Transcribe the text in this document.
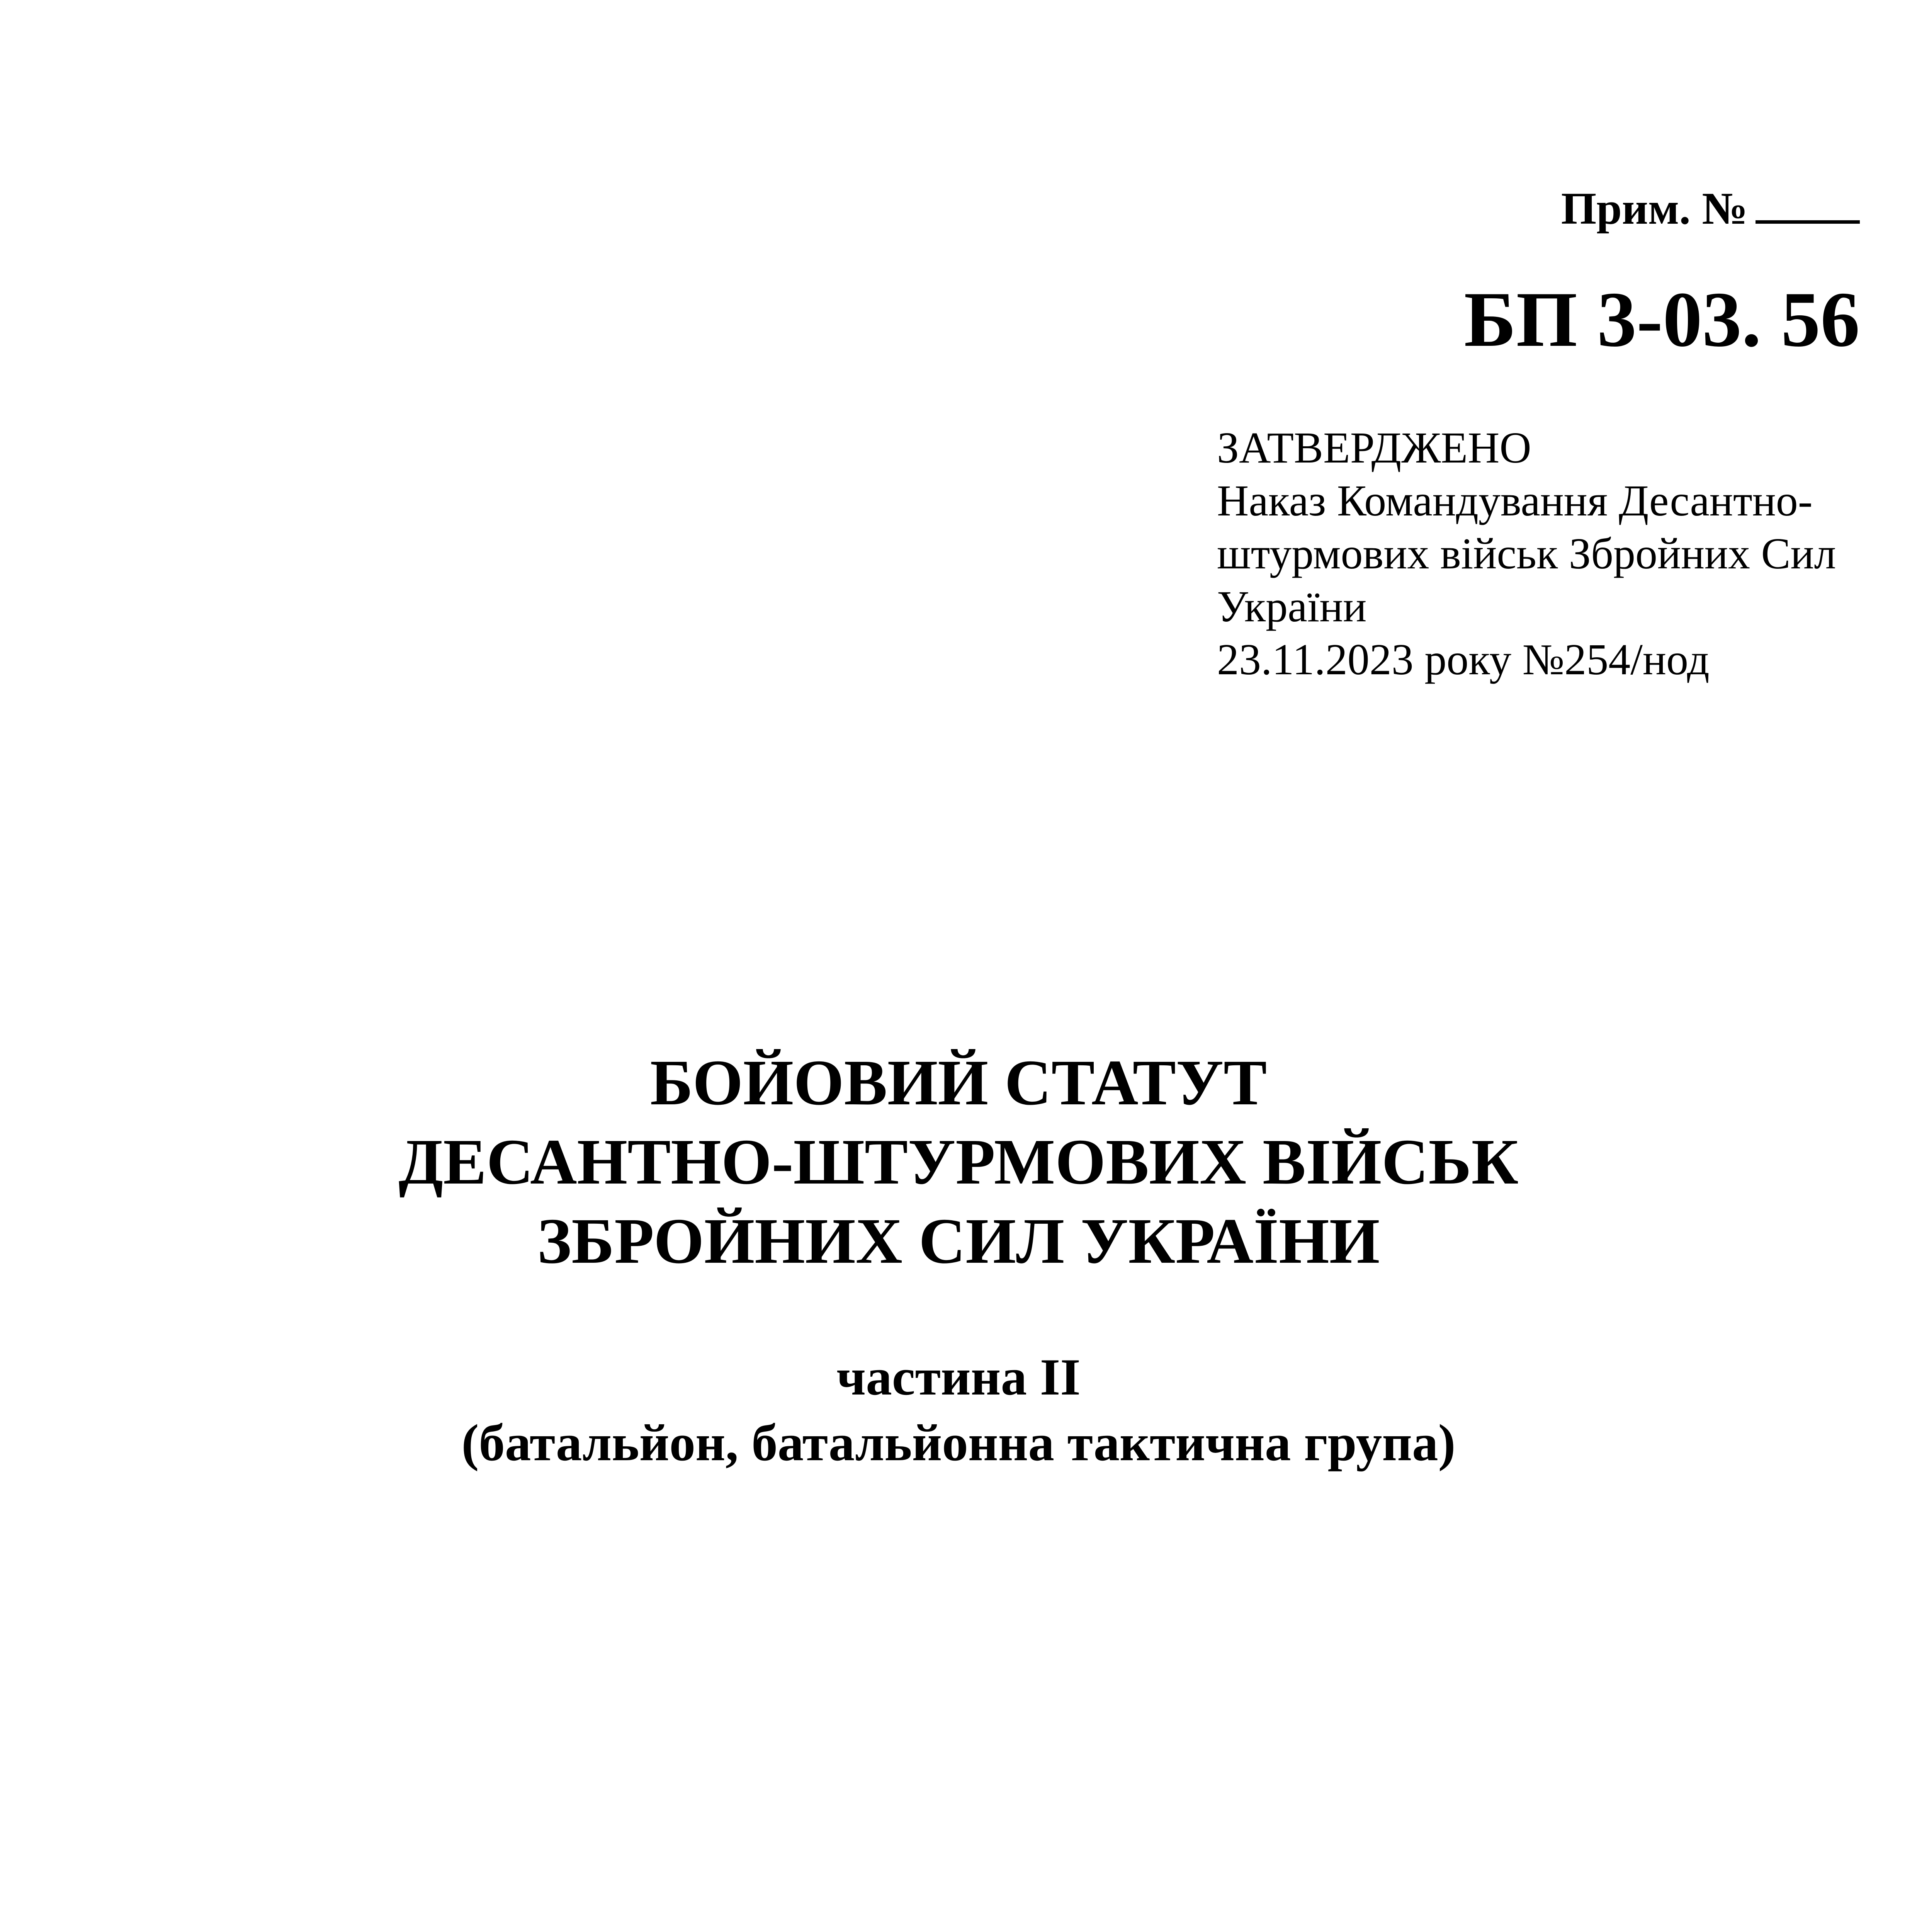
Прим. №
БП 3-03. 56
ЗАТВЕРДЖЕНО
Наказ Командування Десантно-
штурмових військ Збройних Сил
України
23.11.2023 року №254/нод
БОЙОВИЙ СТАТУТ
ДЕСАНТНО-ШТУРМОВИХ ВІЙСЬК
ЗБРОЙНИХ СИЛ УКРАЇНИ
частина ІІ
(батальйон, батальйонна тактична група)
